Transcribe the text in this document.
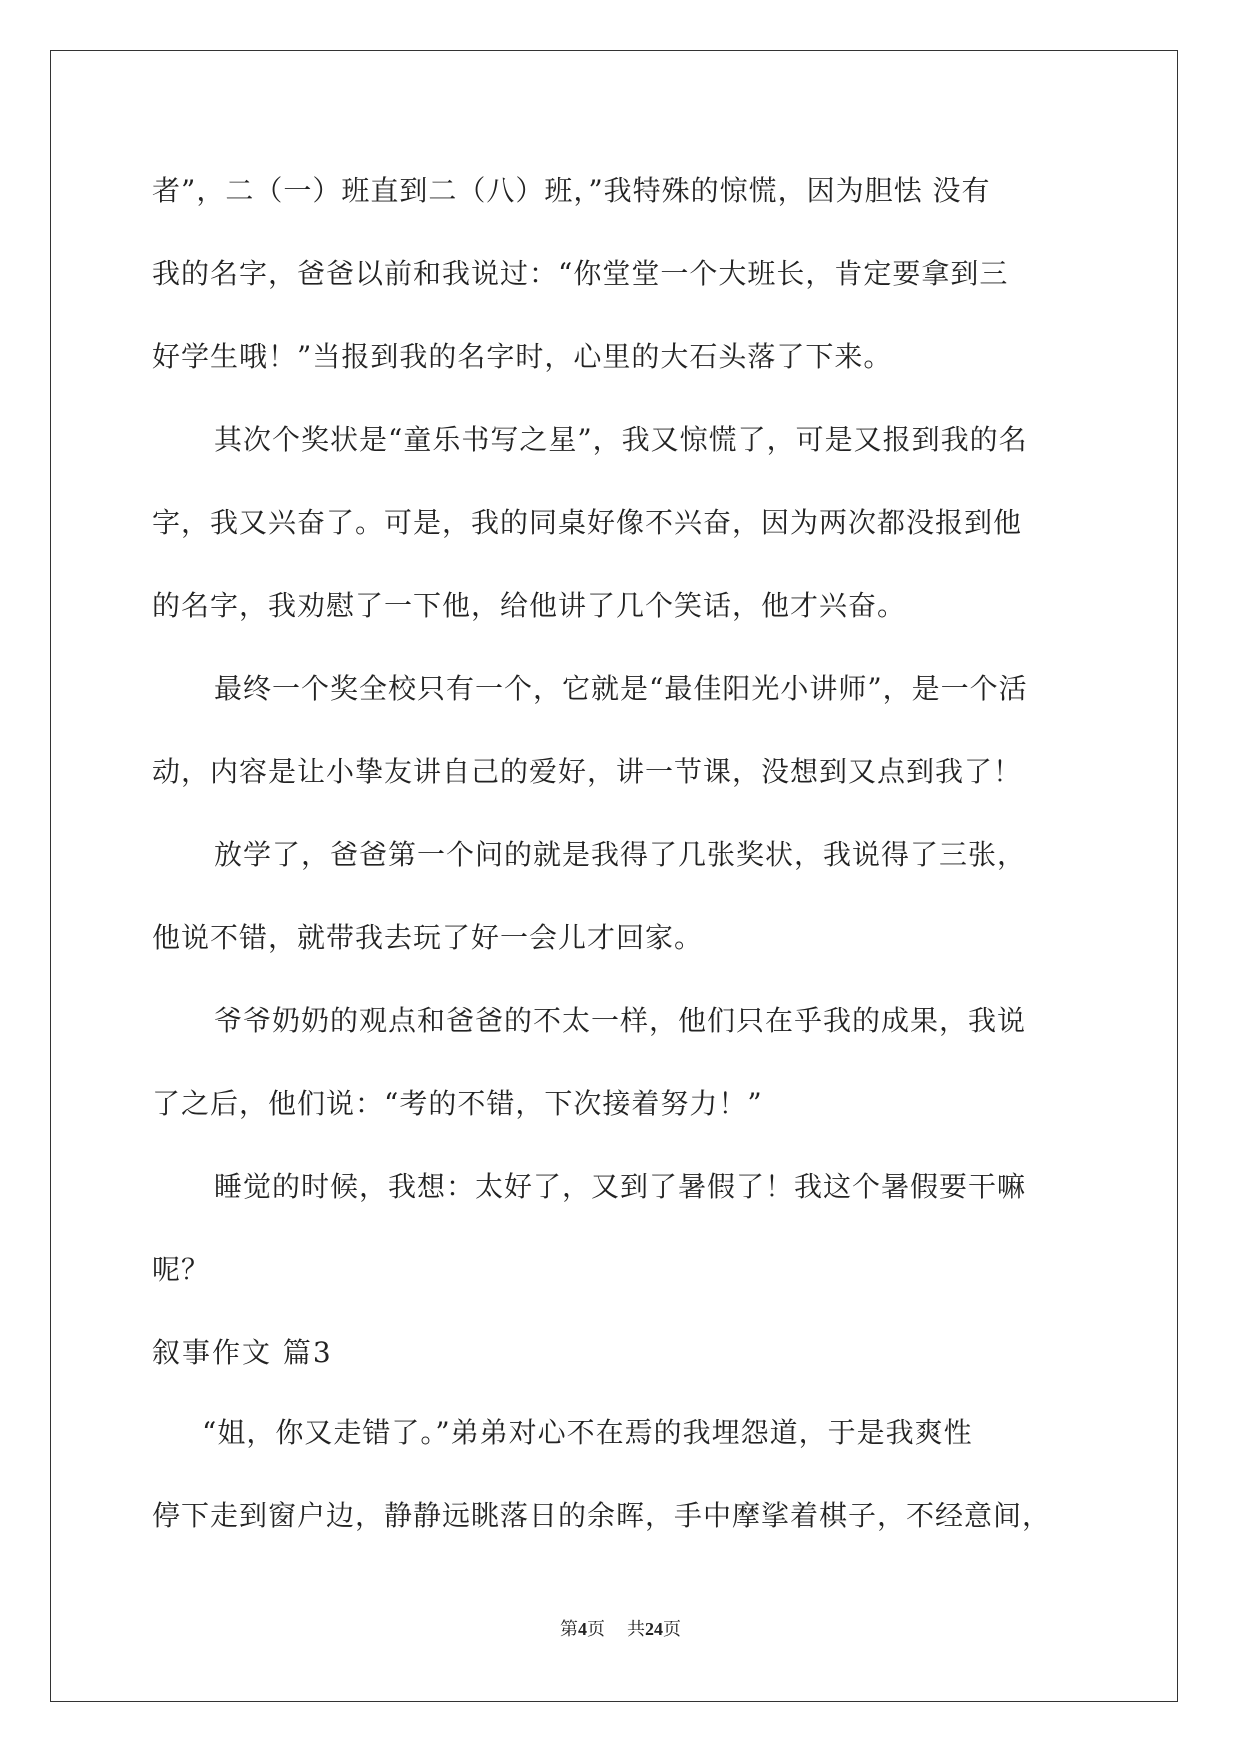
者”，二（一）班直到二（八）班，”我特殊的惊慌，因为胆怯 没有
我的名字，爸爸以前和我说过：“你堂堂一个大班长，肯定要拿到三
好学生哦！”当报到我的名字时，心里的大石头落了下来。
其次个奖状是“童乐书写之星”，我又惊慌了，可是又报到我的名
字，我又兴奋了。可是，我的同桌好像不兴奋，因为两次都没报到他
的名字，我劝慰了一下他，给他讲了几个笑话，他才兴奋。
最终一个奖全校只有一个，它就是“最佳阳光小讲师”，是一个活
动，内容是让小挚友讲自己的爱好，讲一节课，没想到又点到我了！
放学了，爸爸第一个问的就是我得了几张奖状，我说得了三张，
他说不错，就带我去玩了好一会儿才回家。
爷爷奶奶的观点和爸爸的不太一样，他们只在乎我的成果，我说
了之后，他们说：“考的不错，下次接着努力！”
睡觉的时候，我想：太好了，又到了暑假了！我这个暑假要干嘛
呢？
叙事作文 篇3
“姐，你又走错了。”弟弟对心不在焉的我埋怨道，于是我爽性
停下走到窗户边，静静远眺落日的余晖，手中摩挲着棋子，不经意间，
第4页 共24页
